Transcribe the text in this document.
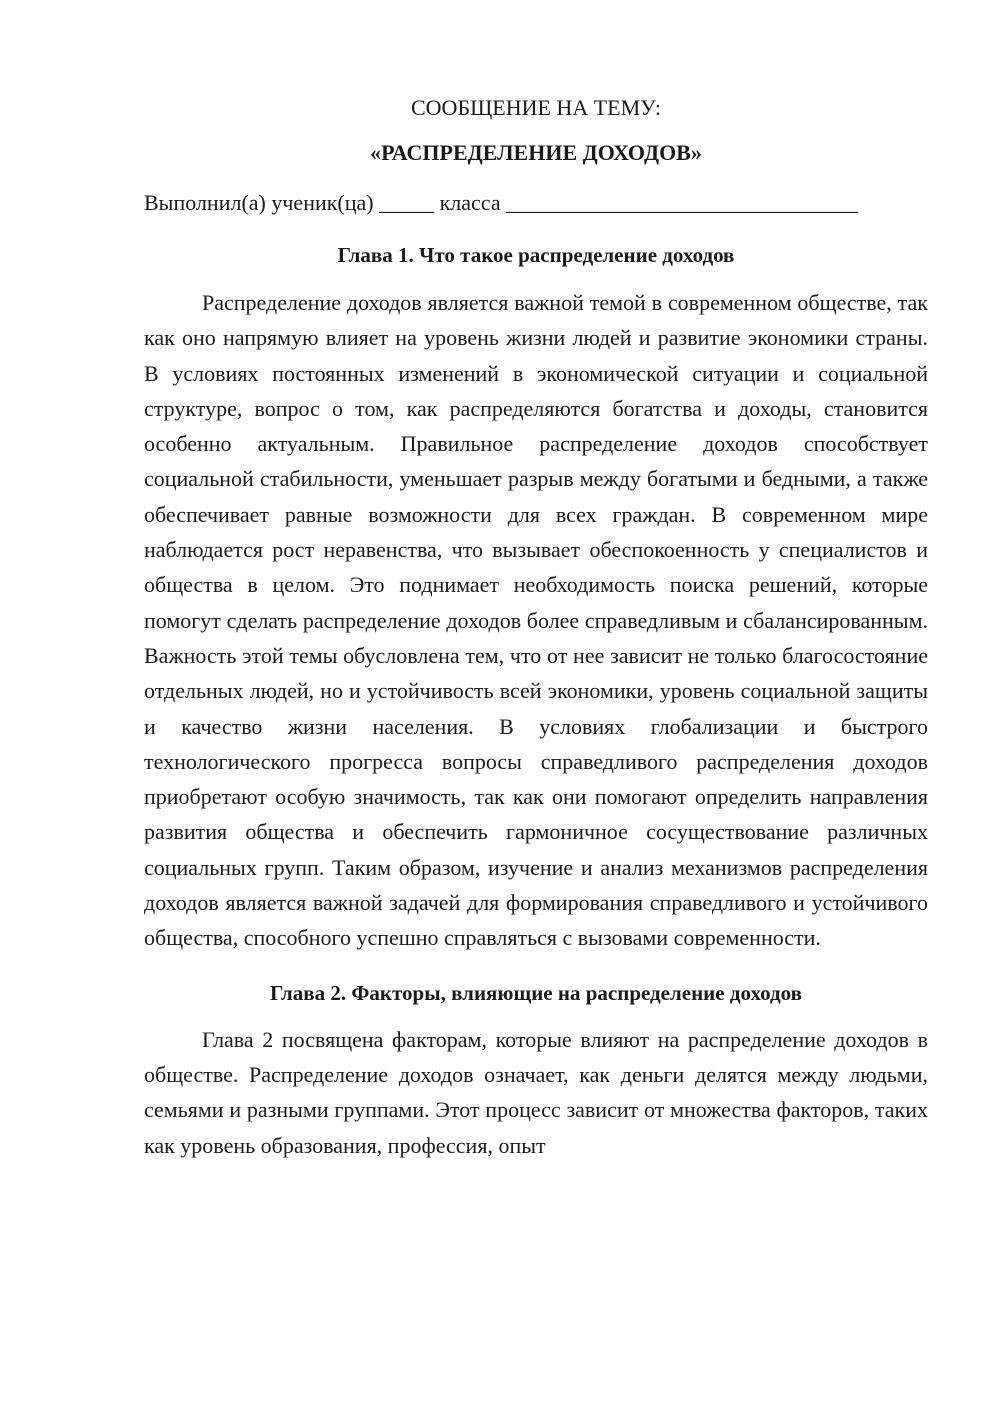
СООБЩЕНИЕ НА ТЕМУ:

«РАСПРЕДЕЛЕНИЕ ДОХОДОВ»

Выполнил(а) ученик(ца) _____ класса ________________________________

Глава 1. Что такое распределение доходов

Распределение доходов является важной темой в современном обществе, так как оно напрямую влияет на уровень жизни людей и развитие экономики страны. В условиях постоянных изменений в экономической ситуации и социальной структуре, вопрос о том, как распределяются богатства и доходы, становится особенно актуальным. Правильное распределение доходов способствует социальной стабильности, уменьшает разрыв между богатыми и бедными, а также обеспечивает равные возможности для всех граждан. В современном мире наблюдается рост неравенства, что вызывает обеспокоенность у специалистов и общества в целом. Это поднимает необходимость поиска решений, которые помогут сделать распределение доходов более справедливым и сбалансированным. Важность этой темы обусловлена тем, что от нее зависит не только благосостояние отдельных людей, но и устойчивость всей экономики, уровень социальной защиты и качество жизни населения. В условиях глобализации и быстрого технологического прогресса вопросы справедливого распределения доходов приобретают особую значимость, так как они помогают определить направления развития общества и обеспечить гармоничное сосуществование различных социальных групп. Таким образом, изучение и анализ механизмов распределения доходов является важной задачей для формирования справедливого и устойчивого общества, способного успешно справляться с вызовами современности.

Глава 2. Факторы, влияющие на распределение доходов

Глава 2 посвящена факторам, которые влияют на распределение доходов в обществе. Распределение доходов означает, как деньги делятся между людьми, семьями и разными группами. Этот процесс зависит от множества факторов, таких как уровень образования, профессия, опыт
